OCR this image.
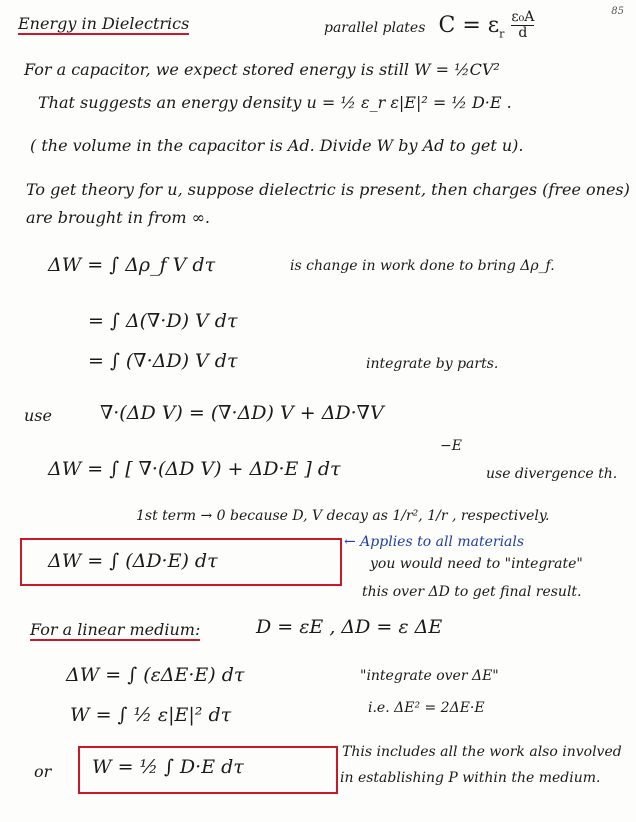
85
Energy in Dielectrics	parallel plates $C = \varepsilon_r \frac{\text{ε₀A}}{d}$
For a capacitor, we expect stored energy is still W = ½CV²
That suggests an energy density u = ½ ε_r ε|E|² = ½ D·E .
( the volume in the capacitor is Ad. Divide W by Ad to get u).
To get theory for u, suppose dielectric is present, then charges (free ones)
are brought in from ∞.
ΔW = ∫ Δρ_f V dτ	is change in work done to bring Δρ_f.
= ∫ Δ(∇·D) V dτ
= ∫ (∇·ΔD) V dτ	integrate by parts.
use	∇·(ΔD V) = (∇·ΔD) V + ΔD·∇V
−E
ΔW = ∫ [ ∇·(ΔD V) + ΔD·E ] dτ	use divergence th.
1st term → 0 because D, V decay as 1/r², 1/r , respectively.
ΔW = ∫ (ΔD·E) dτ
← Applies to all materials
you would need to "integrate"
this over ΔD to get final result.
For a linear medium:	D = εE , ΔD = ε ΔE
ΔW = ∫ (εΔE·E) dτ	"integrate over ΔE"
W = ∫ ½ ε|E|² dτ	i.e. ΔE² = 2ΔE·E
or W = ½ ∫ D·E dτ
This includes all the work also involved
in establishing P within the medium.
